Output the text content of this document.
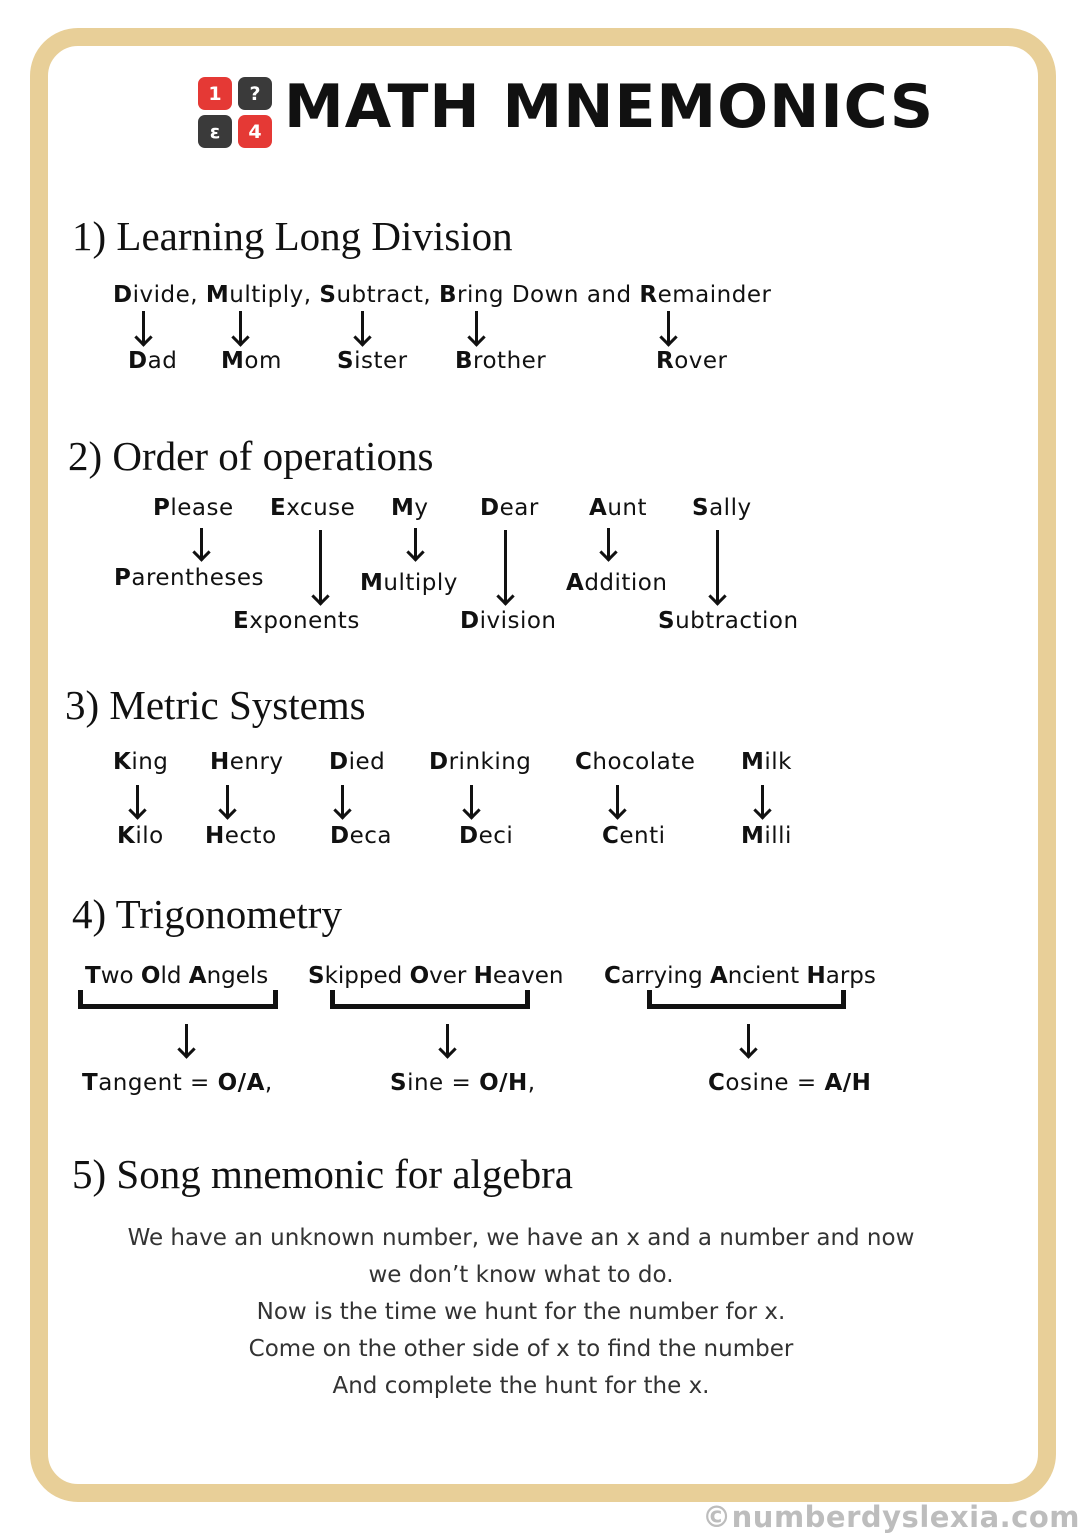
1	?
ε	4 MATH MNEMONICS
1) Learning Long Division
Divide, Multiply, Subtract, Bring Down and Remainder
Dad Mom Sister Brother	Rover
2) Order of operations
Please Excuse My Dear Aunt Sally
Parentheses
Exponents
Multiply
Division
Addition
Subtraction
3) Metric Systems
King Henry Died Drinking Chocolate Milk
Kilo Hecto Deca	Deci	Centi	Milli
4) Trigonometry
Two Old Angels Skipped Over Heaven Carrying Ancient Harps
Tangent = O/A,	Sine = O/H,	Cosine = A/H
5) Song mnemonic for algebra
We have an unknown number, we have an x and a number and now
we don’t know what to do.
Now is the time we hunt for the number for x.
Come on the other side of x to find the number
And complete the hunt for the x.
©numberdyslexia.com
